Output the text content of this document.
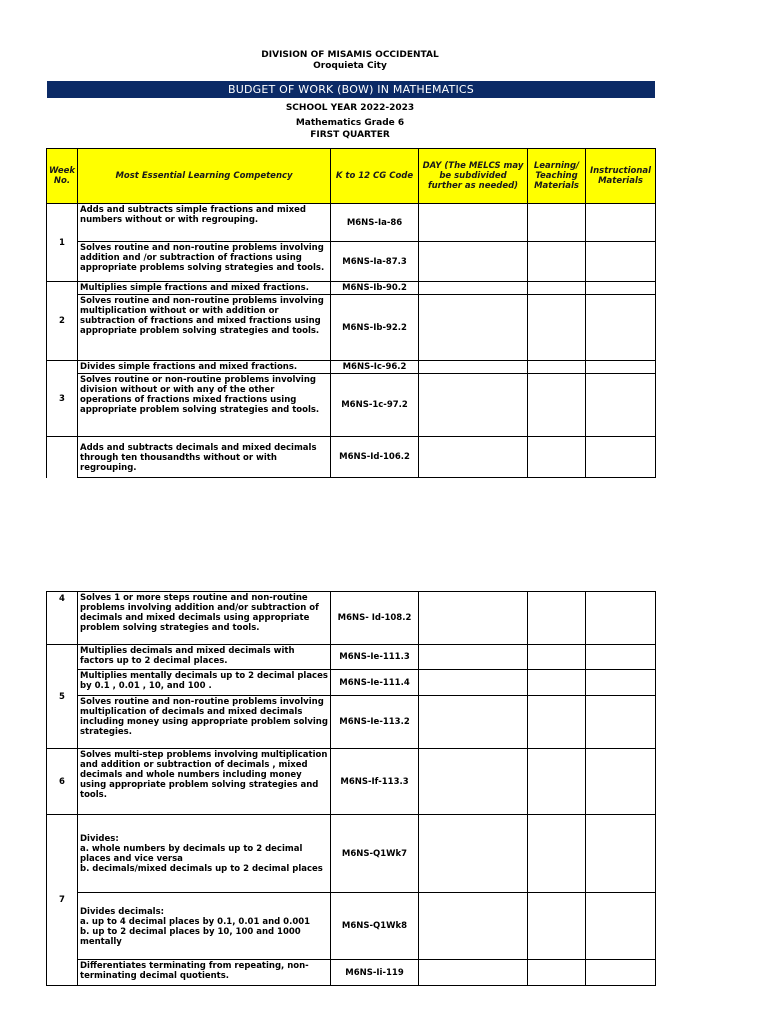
DIVISION OF MISAMIS OCCIDENTAL
Oroquieta City
BUDGET OF WORK (BOW) IN MATHEMATICS
SCHOOL YEAR 2022-2023
Mathematics Grade 6
FIRST QUARTER
Week No.	Most Essential Learning Competency	K to 12 CG Code	DAY (The MELCS may be subdivided further as needed)	Learning/ Teaching Materials	Instructional Materials
1	Adds and subtracts simple fractions and mixed numbers without or with regrouping.	M6NS-Ia-86			
	Solves routine and non-routine problems involving addition and /or subtraction of fractions using appropriate problems solving strategies and tools.	M6NS-Ia-87.3			
2	Multiplies simple fractions and mixed fractions.	M6NS-Ib-90.2			
	Solves routine and non-routine problems involving multiplication without or with addition or subtraction of fractions and mixed fractions using appropriate problem solving strategies and tools.	M6NS-Ib-92.2			
3	Divides simple fractions and mixed fractions.	M6NS-Ic-96.2			
	Solves routine or non-routine problems involving division without or with any of the other operations of fractions mixed fractions using appropriate problem solving strategies and tools.	M6NS-1c-97.2			
	Adds and subtracts decimals and mixed decimals through ten thousandths without or with regrouping.	M6NS-Id-106.2			
4	Solves 1 or more steps routine and non-routine problems involving addition and/or subtraction of decimals and mixed decimals using appropriate problem solving strategies and tools.	M6NS- Id-108.2			
5	Multiplies decimals and mixed decimals with factors up to 2 decimal places.	M6NS-Ie-111.3			
	Multiplies mentally decimals up to 2 decimal places by 0.1 , 0.01 , 10, and 100 .	M6NS-Ie-111.4			
	Solves routine and non-routine problems involving multiplication of decimals and mixed decimals including money using appropriate problem solving strategies.	M6NS-Ie-113.2			
6	Solves multi-step problems involving multiplication and addition or subtraction of decimals , mixed decimals and whole numbers including money using appropriate problem solving strategies and tools.	M6NS-If-113.3			
7	Divides:
a. whole numbers by decimals up to 2 decimal places and vice versa
b. decimals/mixed decimals up to 2 decimal places	M6NS-Q1Wk7			

	Divides decimals:
a. up to 4 decimal places by 0.1, 0.01 and 0.001
b. up to 2 decimal places by 10, 100 and 1000 mentally	M6NS-Q1Wk8			
	Differentiates terminating from repeating, non-terminating decimal quotients.	M6NS-Ii-119			
